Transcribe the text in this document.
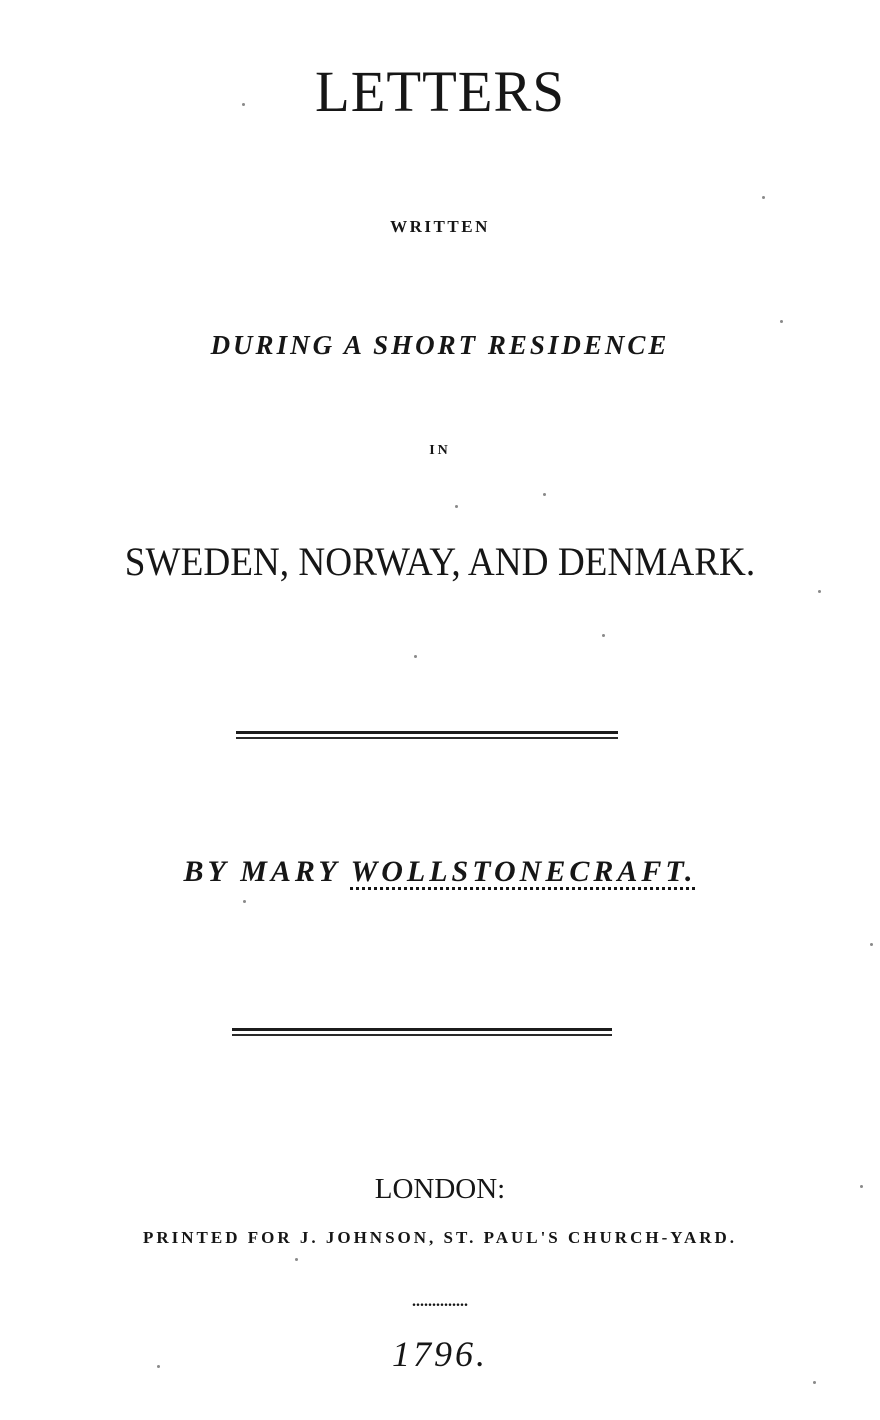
LETTERS
WRITTEN
DURING A SHORT RESIDENCE
IN
SWEDEN, NORWAY, AND DENMARK.
BY MARY WOLLSTONECRAFT.
LONDON:
PRINTED FOR J. JOHNSON, ST. PAUL'S CHURCH-YARD.
..............
1796.
